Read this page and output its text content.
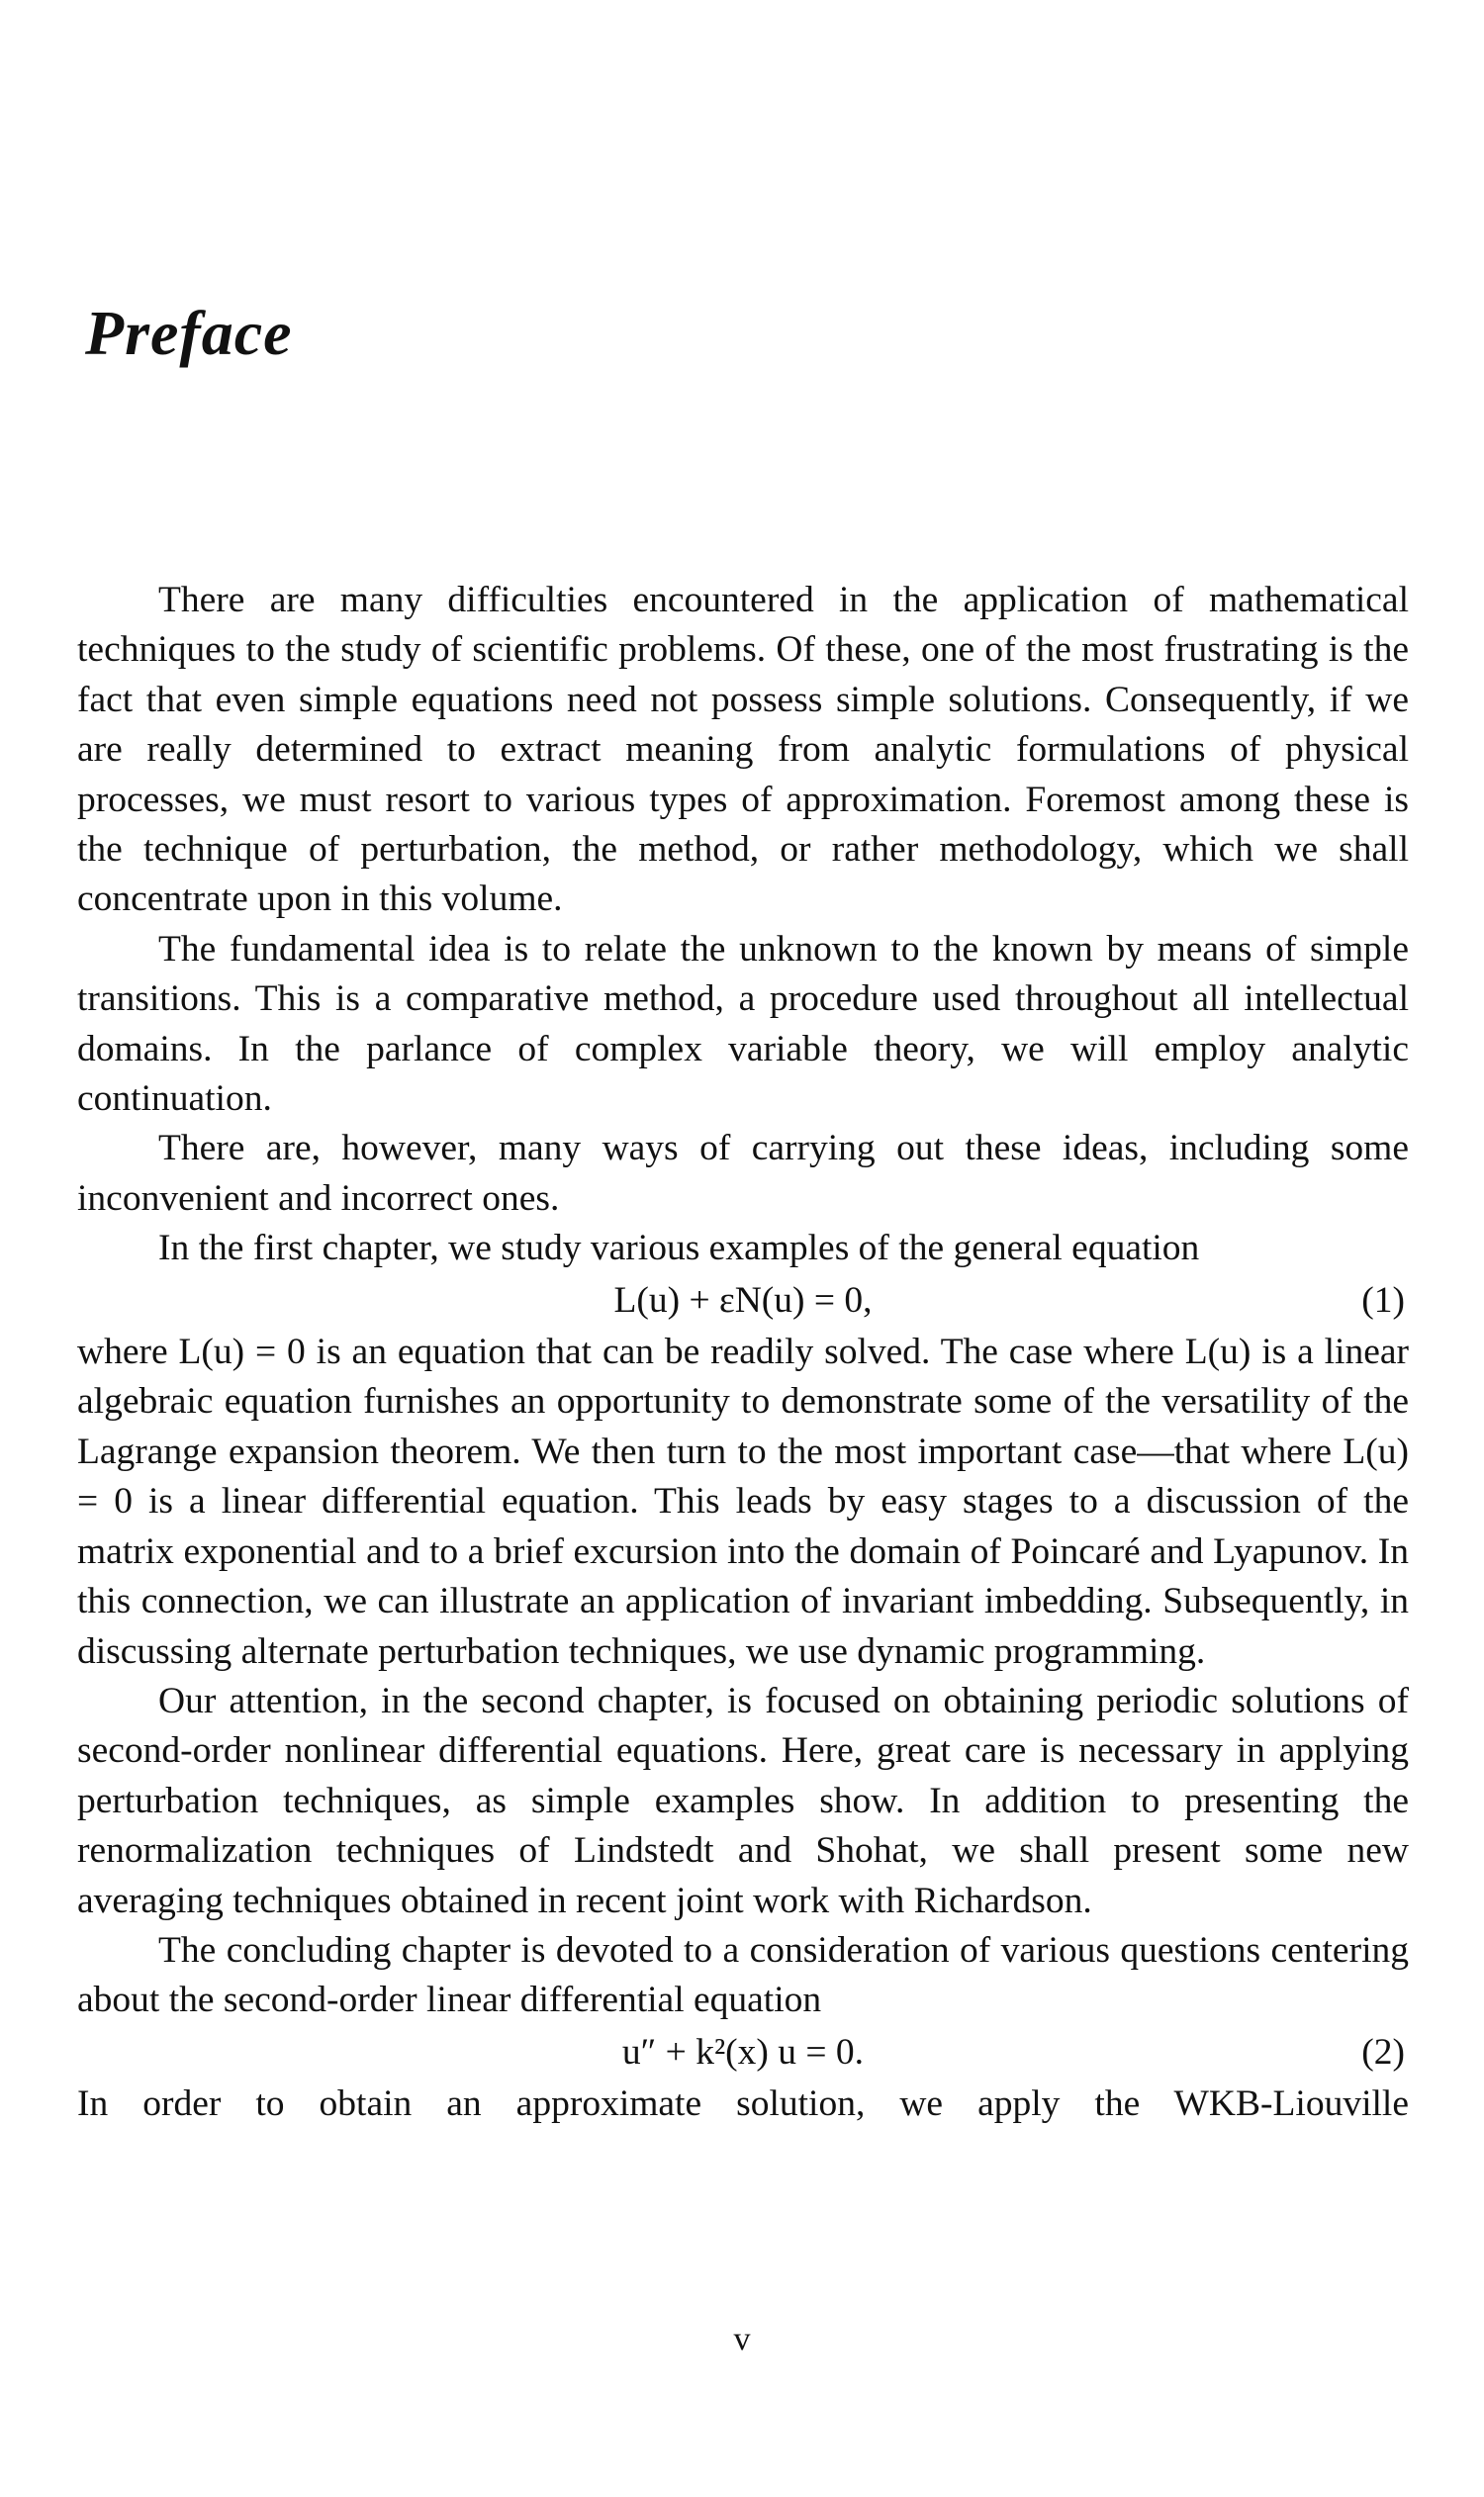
Preface

There are many difficulties encountered in the application of mathematical techniques to the study of scientific problems. Of these, one of the most frustrating is the fact that even simple equations need not possess simple solutions. Consequently, if we are really determined to extract meaning from analytic formulations of physical processes, we must resort to various types of approximation. Foremost among these is the technique of perturbation, the method, or rather methodology, which we shall concentrate upon in this volume.

The fundamental idea is to relate the unknown to the known by means of simple transitions. This is a comparative method, a procedure used throughout all intellectual domains. In the parlance of complex variable theory, we will employ analytic continuation.

There are, however, many ways of carrying out these ideas, including some inconvenient and incorrect ones.

In the first chapter, we study various examples of the general equation

L(u) + εN(u) = 0,	(1)

where L(u) = 0 is an equation that can be readily solved. The case where L(u) is a linear algebraic equation furnishes an opportunity to demonstrate some of the versatility of the Lagrange expansion theorem. We then turn to the most important case—that where L(u) = 0 is a linear differential equation. This leads by easy stages to a discussion of the matrix exponential and to a brief excursion into the domain of Poincaré and Lyapunov. In this connection, we can illustrate an application of invariant imbedding. Subsequently, in discussing alternate perturbation techniques, we use dynamic programming.

Our attention, in the second chapter, is focused on obtaining periodic solutions of second-order nonlinear differential equations. Here, great care is necessary in applying perturbation techniques, as simple examples show. In addition to presenting the renormalization techniques of Lindstedt and Shohat, we shall present some new averaging techniques obtained in recent joint work with Richardson.

The concluding chapter is devoted to a consideration of various questions centering about the second-order linear differential equation

u″ + k²(x) u = 0.	(2)

In order to obtain an approximate solution, we apply the WKB-Liouville

v
